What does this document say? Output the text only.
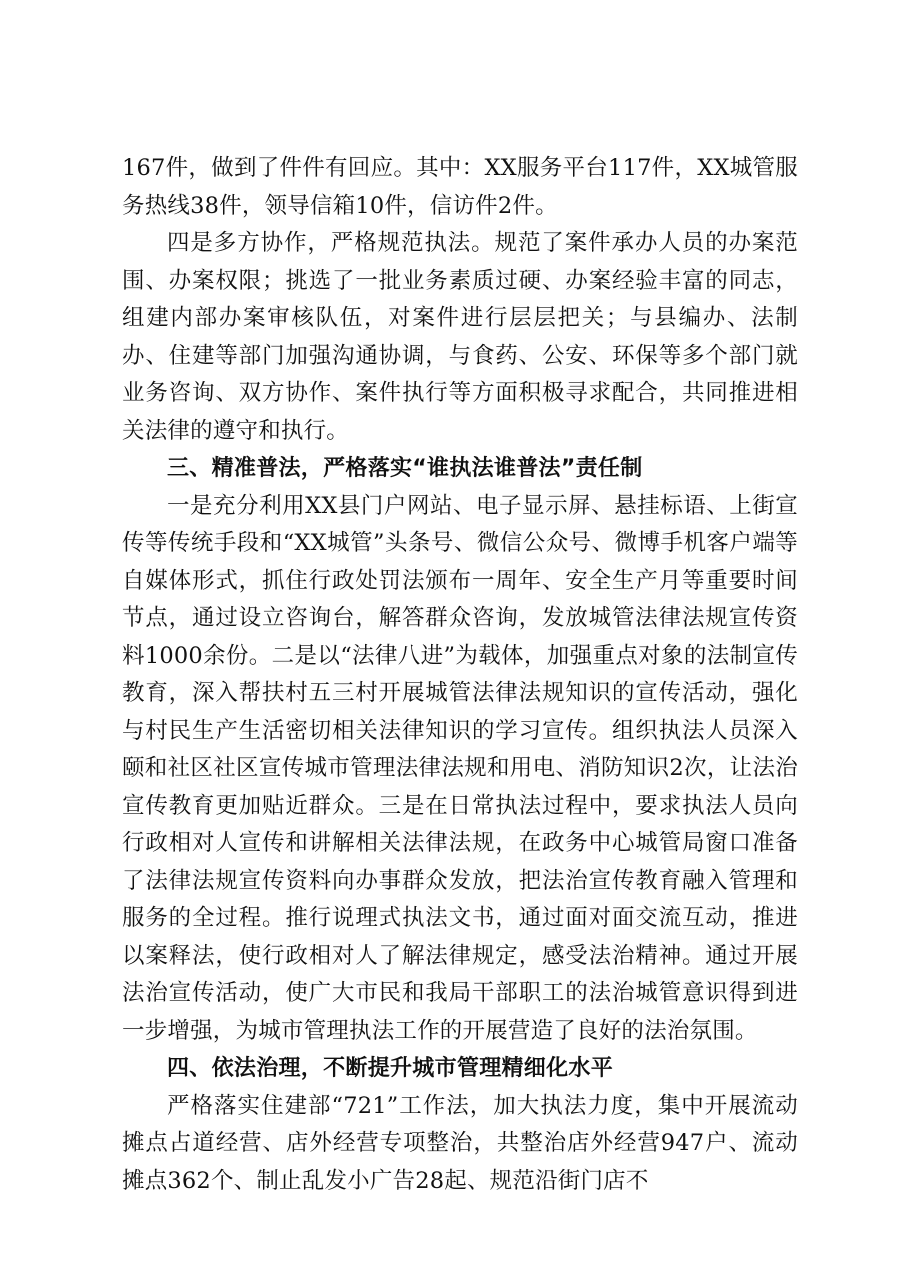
167件，做到了件件有回应。其中：XX服务平台117件，XX城管服务热线38件，领导信箱10件，信访件2件。

四是多方协作，严格规范执法。规范了案件承办人员的办案范围、办案权限；挑选了一批业务素质过硬、办案经验丰富的同志，组建内部办案审核队伍，对案件进行层层把关；与县编办、法制办、住建等部门加强沟通协调，与食药、公安、环保等多个部门就业务咨询、双方协作、案件执行等方面积极寻求配合，共同推进相关法律的遵守和执行。

三、精准普法，严格落实“谁执法谁普法”责任制

一是充分利用XX县门户网站、电子显示屏、悬挂标语、上街宣传等传统手段和“XX城管”头条号、微信公众号、微博手机客户端等自媒体形式，抓住行政处罚法颁布一周年、安全生产月等重要时间节点，通过设立咨询台，解答群众咨询，发放城管法律法规宣传资料1000余份。二是以“法律八进”为载体，加强重点对象的法制宣传教育，深入帮扶村五三村开展城管法律法规知识的宣传活动，强化与村民生产生活密切相关法律知识的学习宣传。组织执法人员深入颐和社区社区宣传城市管理法律法规和用电、消防知识2次，让法治宣传教育更加贴近群众。三是在日常执法过程中，要求执法人员向行政相对人宣传和讲解相关法律法规，在政务中心城管局窗口准备了法律法规宣传资料向办事群众发放，把法治宣传教育融入管理和服务的全过程。推行说理式执法文书，通过面对面交流互动，推进以案释法，使行政相对人了解法律规定，感受法治精神。通过开展法治宣传活动，使广大市民和我局干部职工的法治城管意识得到进一步增强，为城市管理执法工作的开展营造了良好的法治氛围。

四、依法治理，不断提升城市管理精细化水平

严格落实住建部“721”工作法，加大执法力度，集中开展流动摊点占道经营、店外经营专项整治，共整治店外经营947户、流动摊点362个、制止乱发小广告28起、规范沿街门店不
